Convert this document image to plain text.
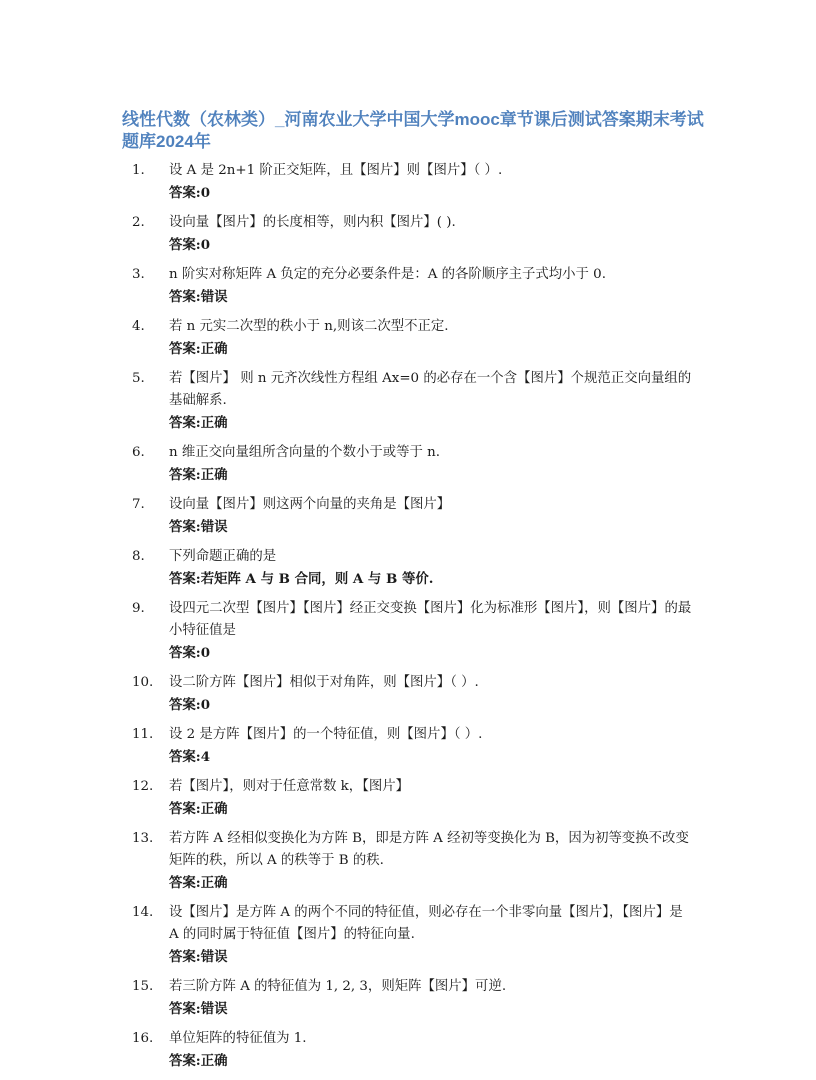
线性代数（农林类）_河南农业大学中国大学mooc章节课后测试答案期末考试题库2024年
1.	设 A 是 2n+1 阶正交矩阵，且【图片】则【图片】（ ）.
答案:0
2.	设向量【图片】的长度相等，则内积【图片】( ).
答案:0
3.	n 阶实对称矩阵 A 负定的充分必要条件是：A 的各阶顺序主子式均小于 0.
答案:错误
4.	若 n 元实二次型的秩小于 n,则该二次型不正定.
答案:正确
5.	若【图片】 则 n 元齐次线性方程组 Ax=0 的必存在一个含【图片】个规范正交向量组的基础解系.
答案:正确
6.	n 维正交向量组所含向量的个数小于或等于 n.
答案:正确
7.	设向量【图片】则这两个向量的夹角是【图片】
答案:错误
8.	下列命题正确的是
答案:若矩阵 A 与 B 合同，则 A 与 B 等价.
9.	设四元二次型【图片】【图片】经正交变换【图片】化为标准形【图片】，则【图片】的最小特征值是
答案:0
10.	设二阶方阵【图片】相似于对角阵，则【图片】（ ）.
答案:0
11.	设 2 是方阵【图片】的一个特征值，则【图片】（ ）.
答案:4
12.	若【图片】，则对于任意常数 k，【图片】
答案:正确
13.	若方阵 A 经相似变换化为方阵 B，即是方阵 A 经初等变换化为 B，因为初等变换不改变矩阵的秩，所以 A 的秩等于 B 的秩.
答案:正确
14.	设【图片】是方阵 A 的两个不同的特征值，则必存在一个非零向量【图片】，【图片】是 A 的同时属于特征值【图片】的特征向量.
答案:错误
15.	若三阶方阵 A 的特征值为 1, 2, 3，则矩阵【图片】可逆.
答案:错误
16.	单位矩阵的特征值为 1.
答案:正确
